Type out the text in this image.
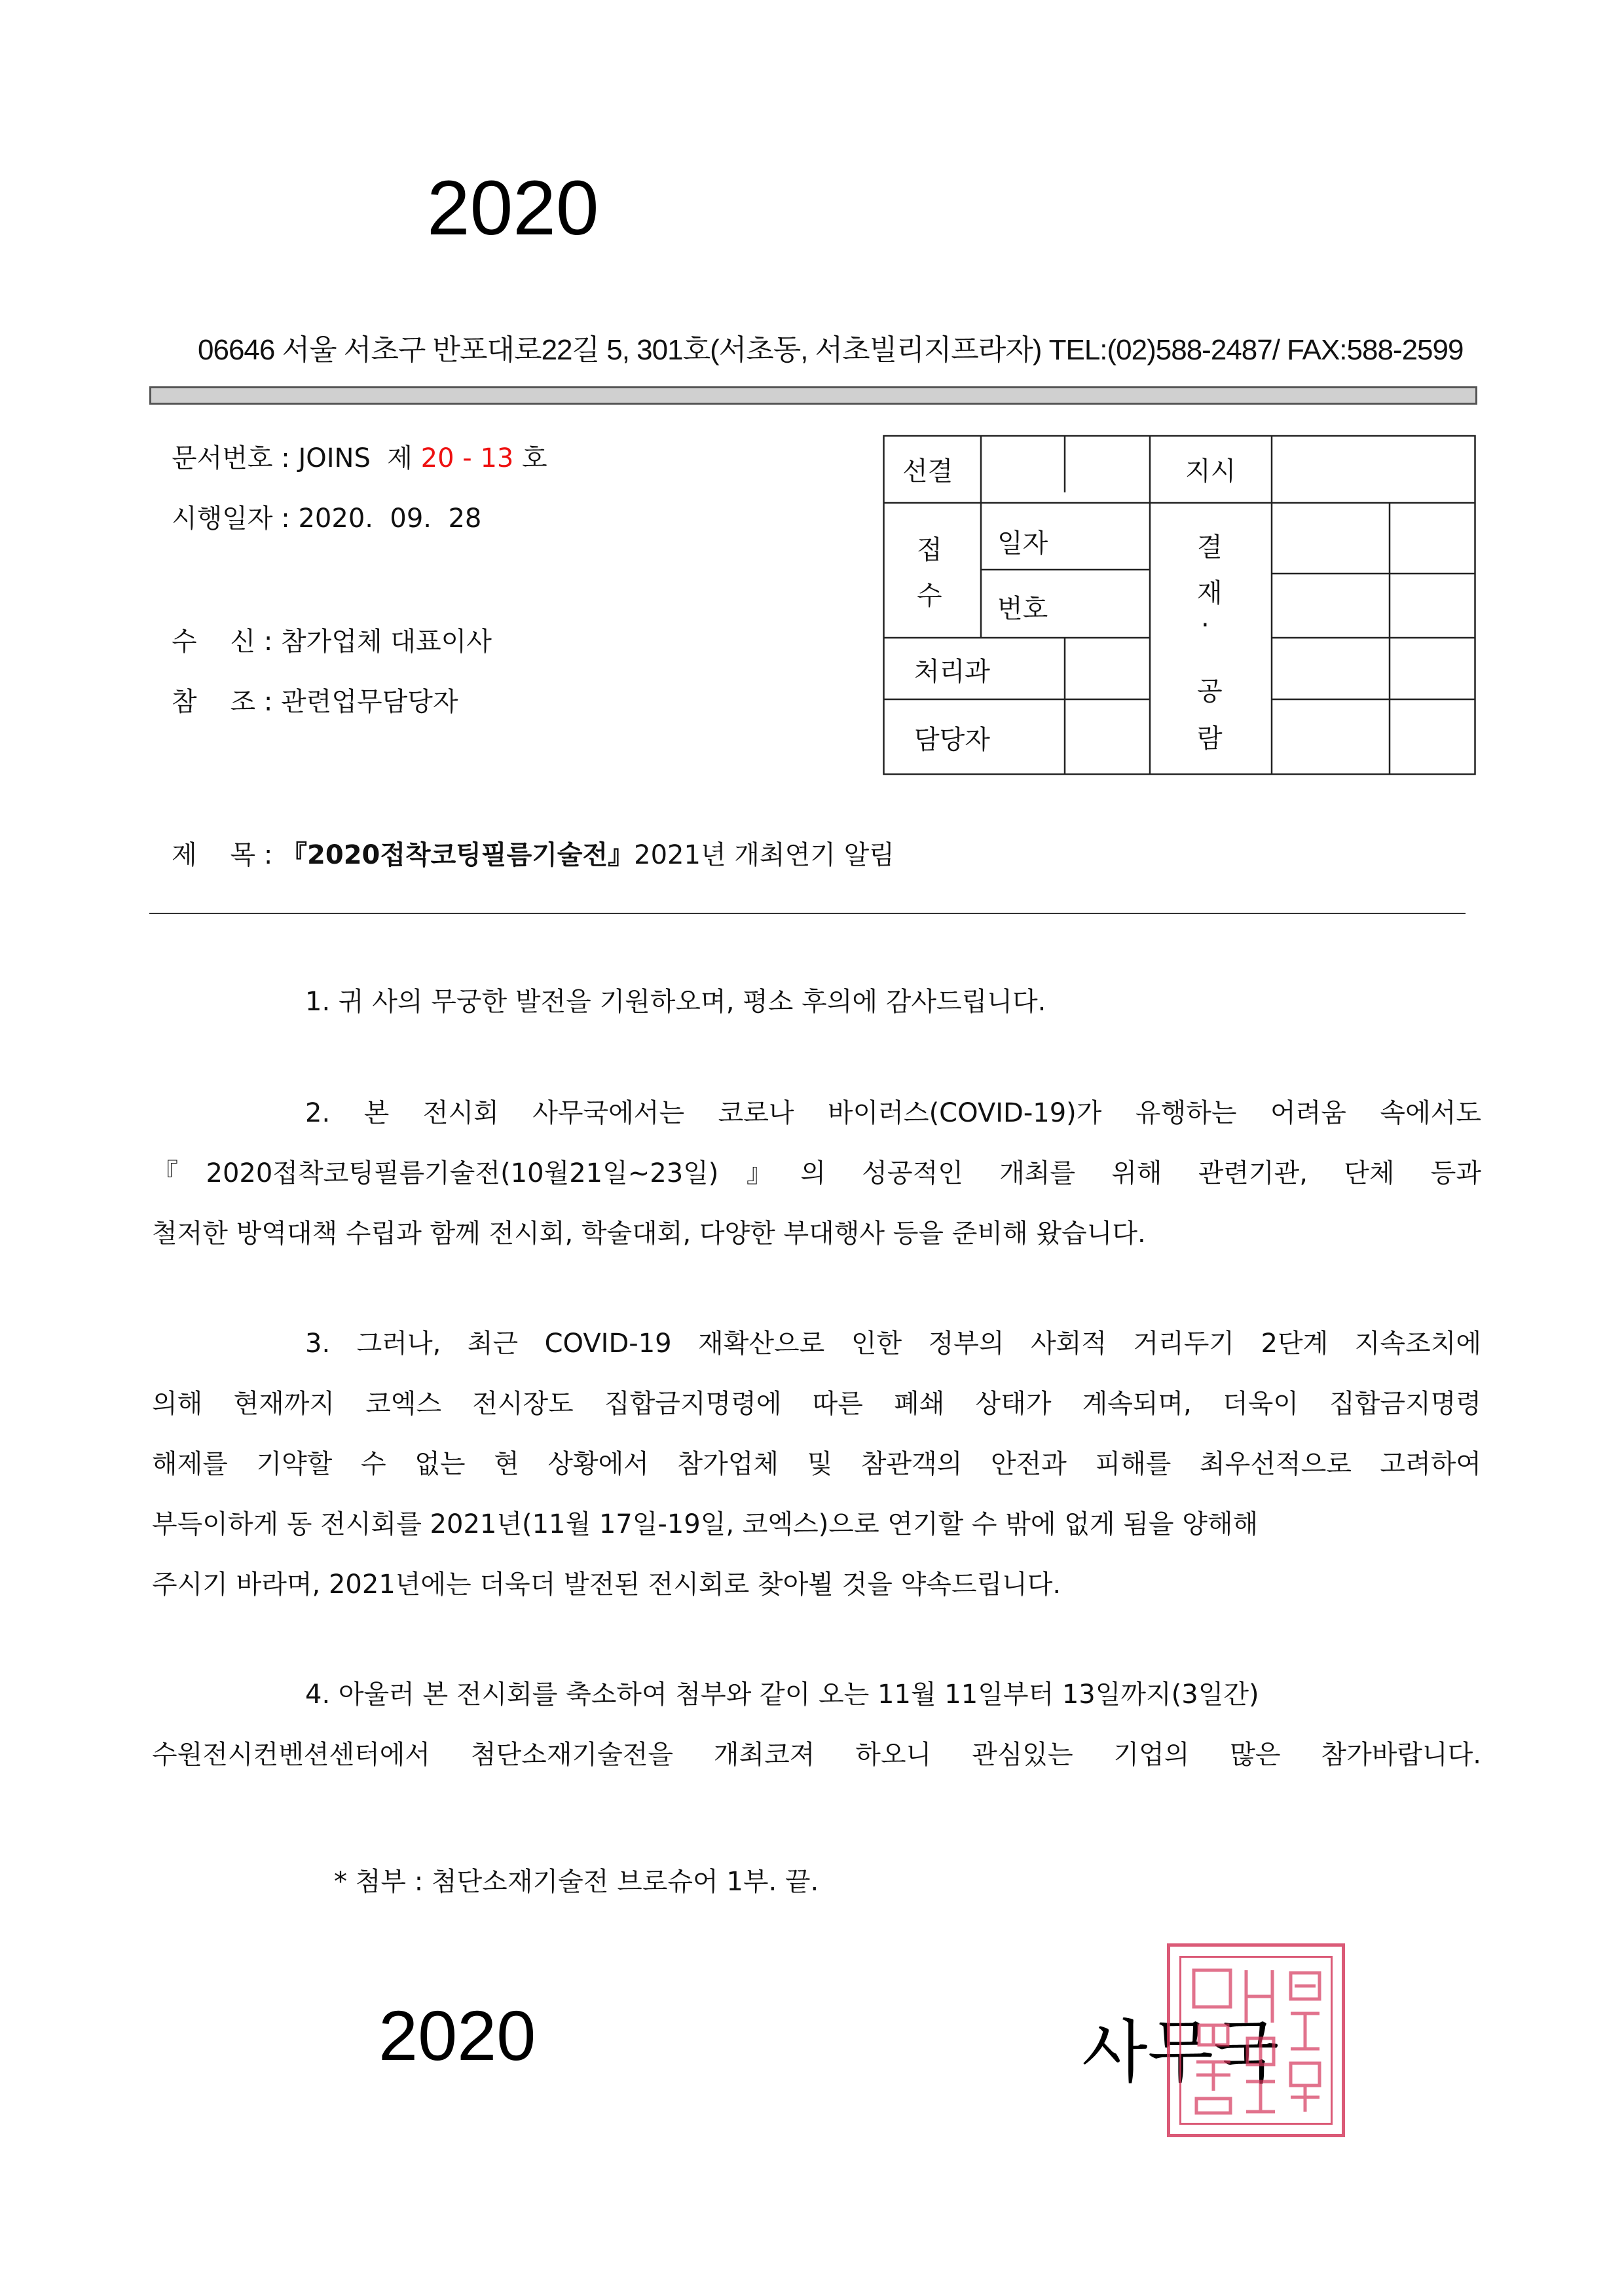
2020
06646 서울 서초구 반포대로22길 5, 301호(서초동, 서초빌리지프라자) TEL:(02)588-2487/ FAX:588-2599
문서번호 : JOINS  제 20 - 13 호
시행일자 : 2020.  09.  28
수    신 : 참가업체 대표이사
참    조 : 관련업무담당자
선결	지시
접
수
일자
번호
처리과
담당자
결
재
·
공
람
제    목 : 『2020접착코팅필름기술전』2021년 개최연기 알림
1. 귀 사의 무궁한 발전을 기원하오며, 평소 후의에 감사드립니다.
2. 본 전시회 사무국에서는 코로나 바이러스(COVID-19)가 유행하는 어려움 속에서도
『2020접착코팅필름기술전(10월21일~23일)』의 성공적인 개최를 위해 관련기관, 단체 등과
철저한 방역대책 수립과 함께 전시회, 학술대회, 다양한 부대행사 등을 준비해 왔습니다.
3. 그러나, 최근 COVID-19 재확산으로 인한 정부의 사회적 거리두기 2단계 지속조치에
의해 현재까지 코엑스 전시장도 집합금지명령에 따른 폐쇄 상태가 계속되며, 더욱이 집합금지명령
해제를 기약할 수 없는 현 상황에서 참가업체 및 참관객의 안전과 피해를 최우선적으로 고려하여
부득이하게 동 전시회를 2021년(11월 17일-19일, 코엑스)으로 연기할 수 밖에 없게 됨을 양해해
주시기 바라며, 2021년에는 더욱더 발전된 전시회로 찾아뵐 것을 약속드립니다.
4. 아울러 본 전시회를 축소하여 첨부와 같이 오는 11월 11일부터 13일까지(3일간)
수원전시컨벤션센터에서 첨단소재기술전을 개최코져 하오니 관심있는 기업의 많은 참가바랍니다.
* 첨부 : 첨단소재기술전 브로슈어 1부. 끝.
2020	사무국
